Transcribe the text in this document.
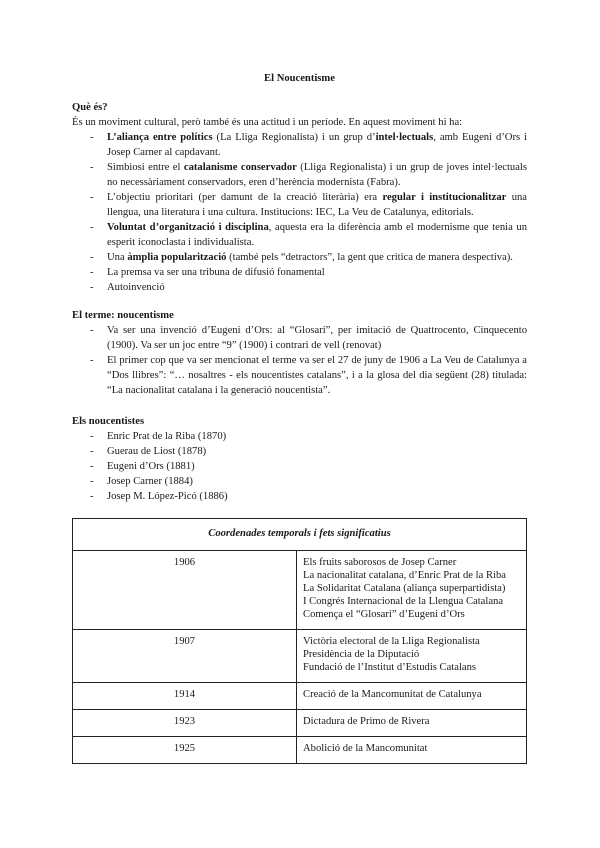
El Noucentisme
Què és?

És un moviment cultural, però també és una actitud i un període. En aquest moviment hi ha:

- L’aliança entre polítics (La Lliga Regionalista) i un grup d’intel·lectuals, amb Eugeni d’Ors i Josep Carner al capdavant.
- Simbiosi entre el catalanisme conservador (Lliga Regionalista) i un grup de joves intel·lectuals no necessàriament conservadors, eren d’herència modernista (Fabra).
- L’objectiu prioritari (per damunt de la creació literària) era regular i institucionalitzar una llengua, una literatura i una cultura. Institucions: IEC, La Veu de Catalunya, editorials.
- Voluntat d’organització i disciplina, aquesta era la diferència amb el modernisme que tenia un esperit iconoclasta i individualista.
- Una àmplia popularització (també pels “detractors”, la gent que critica de manera despectiva).
- La premsa va ser una tribuna de difusió fonamental
- Autoinvenció
El terme: noucentisme
- Va ser una invenció d’Eugeni d’Ors: al “Glosari”, per imitació de Quattrocento, Cinquecento (1900). Va ser un joc entre “9” (1900) i contrari de vell (renovat)
- El primer cop que va ser mencionat el terme va ser el 27 de juny de 1906 a La Veu de Catalunya a “Dos llibres”: “… nosaltres - els noucentistes catalans”, i a la glosa del dia següent (28) titulada: “La nacionalitat catalana i la generació noucentista”.
Els noucentistes
- Enric Prat de la Riba (1870)
- Guerau de Liost (1878)
- Eugeni d’Ors (1881)
- Josep Carner (1884)
- Josep M. López-Picó (1886)
Coordenades temporals i fets significatius	
1906	Els fruits saborosos de Josep Carner
La nacionalitat catalana, d’Enric Prat de la Riba
La Solidaritat Catalana (aliança superpartidista)
I Congrés Internacional de la Llengua Catalana
Comença el “Glosari” d’Eugeni d’Ors

1907	Victòria electoral de la Lliga Regionalista
Presidència de la Diputació
Fundació de l’Institut d’Estudis Catalans

1914	Creació de la Mancomunitat de Catalunya

1923	Dictadura de Primo de Rivera

1925	Abolició de la Mancomunitat
